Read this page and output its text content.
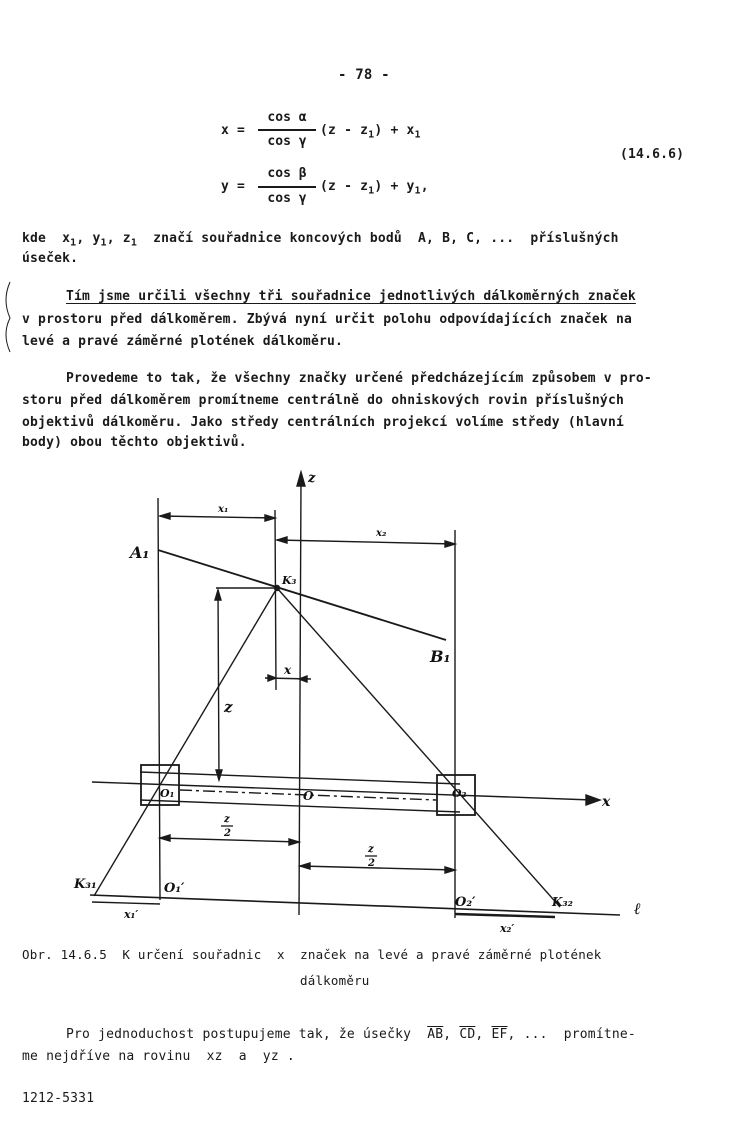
- 78 -
x =
cos α
cos γ
$(z - z_1) + x_1$
(14.6.6)
y =
cos β
cos γ
$(z - z_1) + y_1$,
kde  $x_1$, $y_1$, $z_1$  značí souřadnice koncových bodů  A, B, C, ...  příslušných
úseček.
Tím jsme určili všechny tři souřadnice jednotlivých dálkoměrných značek
v prostoru před dálkoměrem. Zbývá nyní určit polohu odpovídajících značek na
levé a pravé záměrné plotének dálkoměru.
Provedeme to tak, že všechny značky určené předcházejícím způsobem v pro-
storu před dálkoměrem promítneme centrálně do ohniskových rovin příslušných
objektivů dálkoměru. Jako středy centrálních projekcí volíme středy (hlavní
body) obou těchto objektivů.
z
x
ℓ
A₁
B₁
K₃
x₁
x₂
x
z
O₁	O₂
O
O₁′
O₂′
K₃₁
K₃₂
x₁′
x₂′
z
2
z
2
Obr. 14.6.5  K určení souřadnic  x  značek na levé a pravé záměrné plotének
dálkoměru
Pro jednoduchost postupujeme tak, že úsečky $\overline{AB}$, $\overline{CD}$, $\overline{EF}$, ...  promítne-
me nejdříve na rovinu  xz  a  yz .
1212-5331
